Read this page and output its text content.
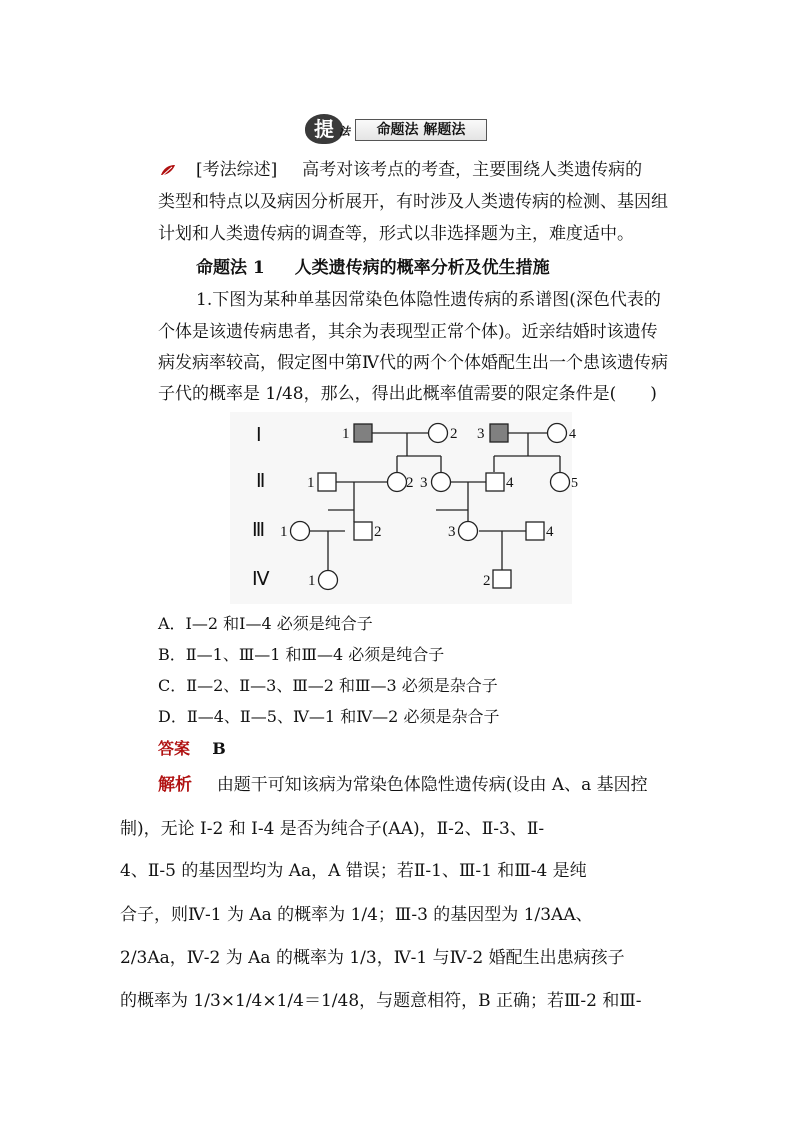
提 法	命题法 解题法
[考法综述] 高考对该考点的考查，主要围绕人类遗传病的
类型和特点以及病因分析展开，有时涉及人类遗传病的检测、基因组
计划和人类遗传病的调查等，形式以非选择题为主，难度适中。
命题法 1 人类遗传病的概率分析及优生措施
1.下图为某种单基因常染色体隐性遗传病的系谱图(深色代表的
个体是该遗传病患者，其余为表现型正常个体)。近亲结婚时该遗传
病发病率较高，假定图中第Ⅳ代的两个个体婚配生出一个患该遗传病
子代的概率是 1/48，那么，得出此概率值需要的限定条件是(　　)
Ⅰ
Ⅱ
Ⅲ
Ⅳ
1	2 3	4
1	2 3	4	5
1	2	3	4
1	2
A．Ⅰ—2 和Ⅰ—4 必须是纯合子
B．Ⅱ—1、Ⅲ—1 和Ⅲ—4 必须是纯合子
C．Ⅱ—2、Ⅱ—3、Ⅲ—2 和Ⅲ—3 必须是杂合子
D．Ⅱ—4、Ⅱ—5、Ⅳ—1 和Ⅳ—2 必须是杂合子
答案 B
解析 由题干可知该病为常染色体隐性遗传病(设由 A、a 基因控
制)，无论 Ⅰ-2 和 Ⅰ-4 是否为纯合子(AA)，Ⅱ-2、Ⅱ-3、Ⅱ-
4、Ⅱ-5 的基因型均为 Aa，A 错误；若Ⅱ-1、Ⅲ-1 和Ⅲ-4 是纯
合子，则Ⅳ-1 为 Aa 的概率为 1/4；Ⅲ-3 的基因型为 1/3AA、
2/3Aa，Ⅳ-2 为 Aa 的概率为 1/3，Ⅳ-1 与Ⅳ-2 婚配生出患病孩子
的概率为 1/3×1/4×1/4＝1/48，与题意相符，B 正确；若Ⅲ-2 和Ⅲ-
